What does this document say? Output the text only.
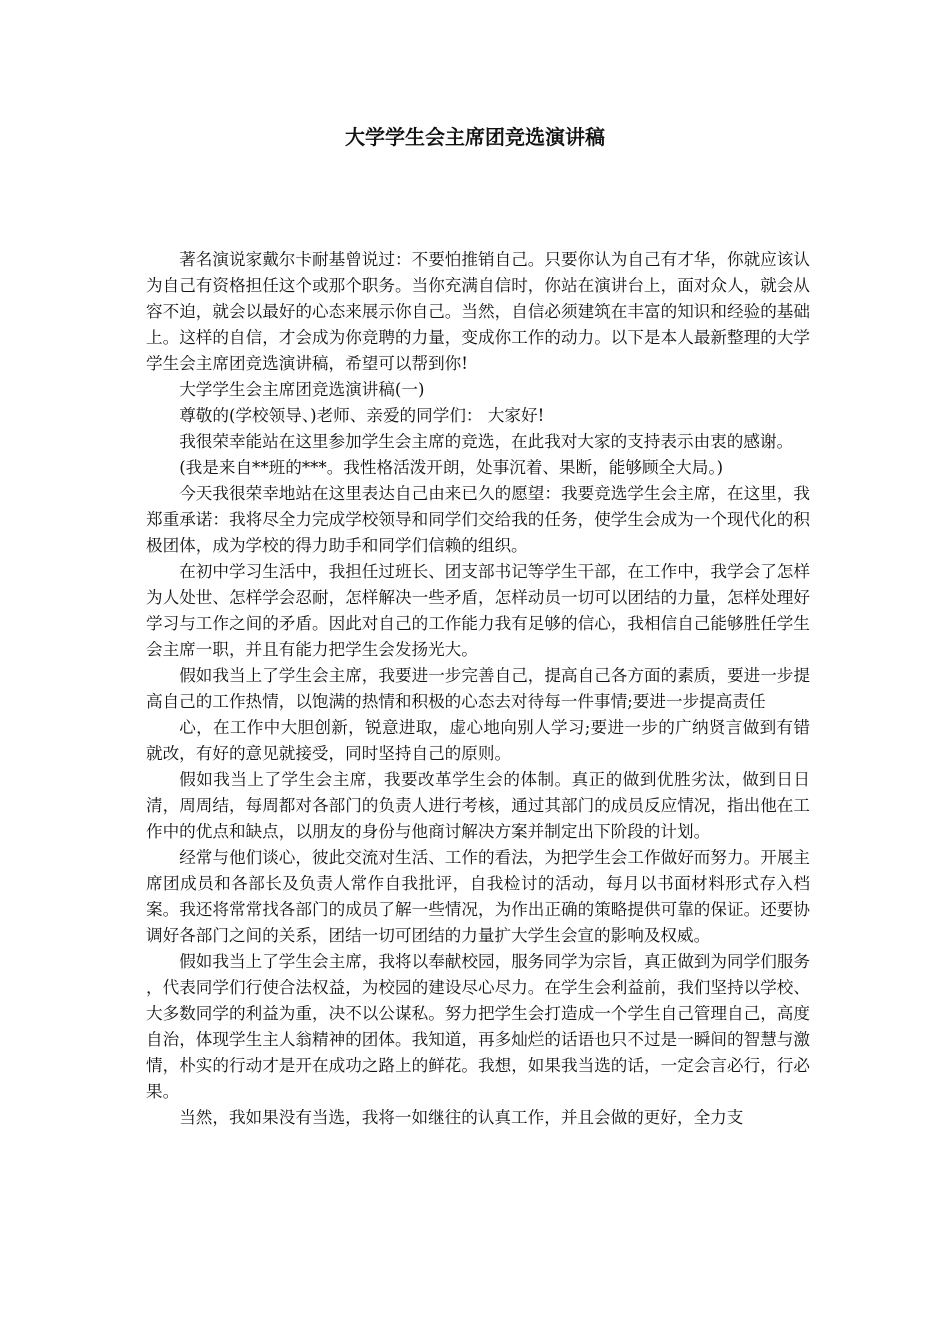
大学学生会主席团竞选演讲稿

著名演说家戴尔卡耐基曾说过：不要怕推销自己。只要你认为自己有才华，你就应该认为自己有资格担任这个或那个职务。当你充满自信时，你站在演讲台上，面对众人，就会从容不迫，就会以最好的心态来展示你自己。当然，自信必须建筑在丰富的知识和经验的基础上。这样的自信，才会成为你竞聘的力量，变成你工作的动力。以下是本人最新整理的大学学生会主席团竞选演讲稿，希望可以帮到你!

大学学生会主席团竞选演讲稿(一)

尊敬的(学校领导、)老师、亲爱的同学们： 大家好!

我很荣幸能站在这里参加学生会主席的竞选，在此我对大家的支持表示由衷的感谢。

(我是来自**班的***。我性格活泼开朗，处事沉着、果断，能够顾全大局。)

今天我很荣幸地站在这里表达自己由来已久的愿望：我要竞选学生会主席，在这里，我郑重承诺：我将尽全力完成学校领导和同学们交给我的任务，使学生会成为一个现代化的积极团体，成为学校的得力助手和同学们信赖的组织。

在初中学习生活中，我担任过班长、团支部书记等学生干部，在工作中，我学会了怎样为人处世、怎样学会忍耐，怎样解决一些矛盾，怎样动员一切可以团结的力量，怎样处理好学习与工作之间的矛盾。因此对自己的工作能力我有足够的信心，我相信自己能够胜任学生会主席一职，并且有能力把学生会发扬光大。

假如我当上了学生会主席，我要进一步完善自己，提高自己各方面的素质，要进一步提高自己的工作热情，以饱满的热情和积极的心态去对待每一件事情;要进一步提高责任

心，在工作中大胆创新，锐意进取，虚心地向别人学习;要进一步的广纳贤言做到有错就改，有好的意见就接受，同时坚持自己的原则。

假如我当上了学生会主席，我要改革学生会的体制。真正的做到优胜劣汰，做到日日清，周周结，每周都对各部门的负责人进行考核，通过其部门的成员反应情况，指出他在工作中的优点和缺点，以朋友的身份与他商讨解决方案并制定出下阶段的计划。

经常与他们谈心，彼此交流对生活、工作的看法，为把学生会工作做好而努力。开展主席团成员和各部长及负责人常作自我批评，自我检讨的活动，每月以书面材料形式存入档案。我还将常常找各部门的成员了解一些情况，为作出正确的策略提供可靠的保证。还要协调好各部门之间的关系，团结一切可团结的力量扩大学生会宣的影响及权威。

假如我当上了学生会主席，我将以奉献校园，服务同学为宗旨，真正做到为同学们服务 ，代表同学们行使合法权益，为校园的建设尽心尽力。在学生会利益前，我们坚持以学校、大多数同学的利益为重，决不以公谋私。努力把学生会打造成一个学生自己管理自己，高度自治，体现学生主人翁精神的团体。我知道，再多灿烂的话语也只不过是一瞬间的智慧与激情，朴实的行动才是开在成功之路上的鲜花。我想，如果我当选的话，一定会言必行，行必果。

当然，我如果没有当选，我将一如继往的认真工作，并且会做的更好，全力支
